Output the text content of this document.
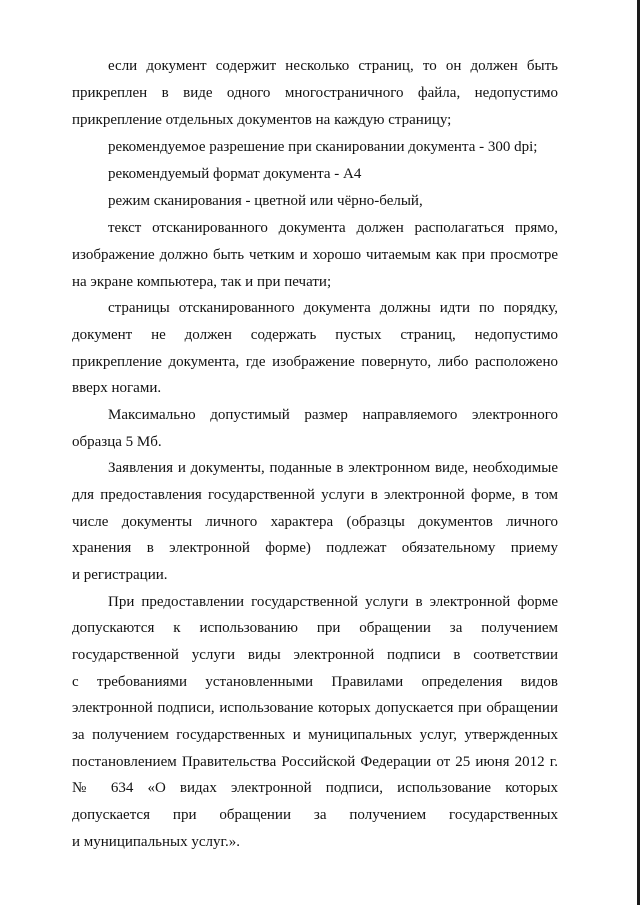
если документ содержит несколько страниц, то он должен быть
прикреплен в виде одного многостраничного файла, недопустимо
прикрепление отдельных документов на каждую страницу;
рекомендуемое разрешение при сканировании документа - 300 dpi;
рекомендуемый формат документа - А4
режим сканирования - цветной или чёрно-белый,
текст отсканированного документа должен располагаться прямо,
изображение должно быть четким и хорошо читаемым как при просмотре
на экране компьютера, так и при печати;
страницы отсканированного документа должны идти по порядку,
документ не должен содержать пустых страниц, недопустимо
прикрепление документа, где изображение повернуто, либо расположено
вверх ногами.
Максимально допустимый размер направляемого электронного
образца 5 Мб.
Заявления и документы, поданные в электронном виде, необходимые
для предоставления государственной услуги в электронной форме, в том
числе документы личного характера (образцы документов личного
хранения в электронной форме) подлежат обязательному приему
и регистрации.
При предоставлении государственной услуги в электронной форме
допускаются к использованию при обращении за получением
государственной услуги виды электронной подписи в соответствии
с требованиями установленными Правилами определения видов
электронной подписи, использование которых допускается при обращении
за получением государственных и муниципальных услуг, утвержденных
постановлением Правительства Российской Федерации от 25 июня 2012 г.
№ 634 «О видах электронной подписи, использование которых
допускается при обращении за получением государственных
и муниципальных услуг.».
